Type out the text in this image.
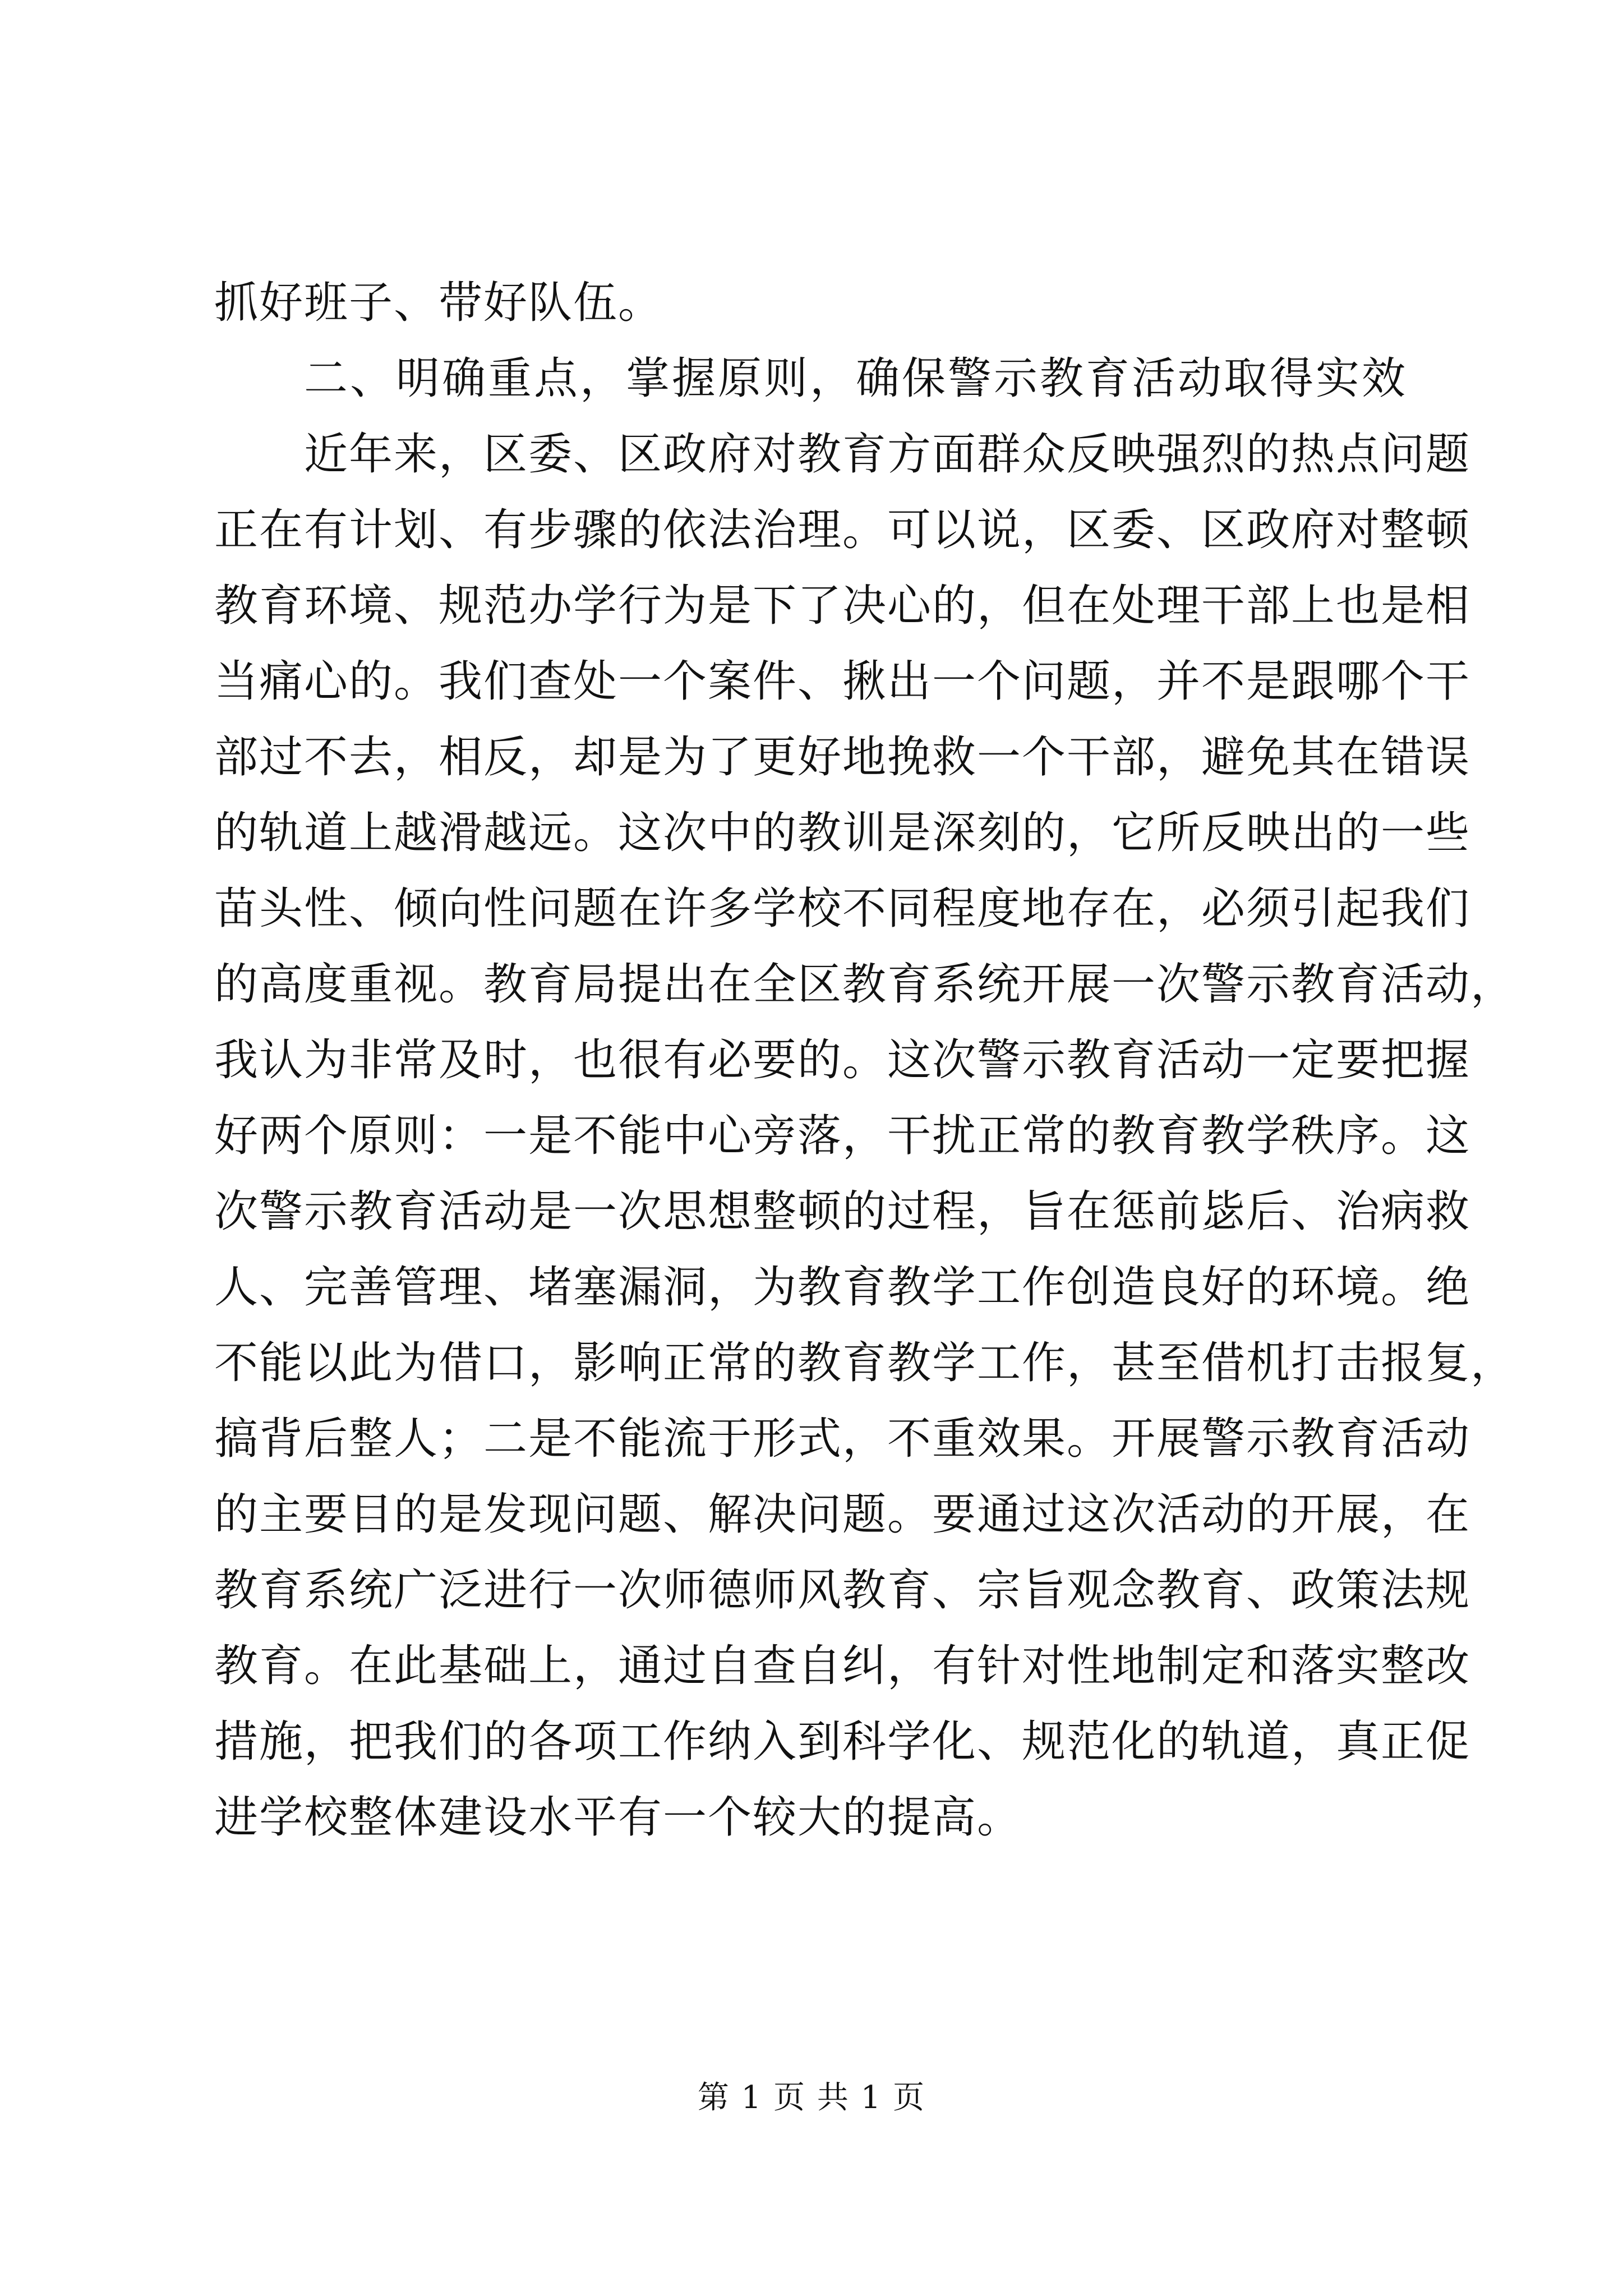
抓好班子、带好队伍。
二、明确重点，掌握原则，确保警示教育活动取得实效
近年来，区委、区政府对教育方面群众反映强烈的热点问题
正在有计划、有步骤的依法治理。可以说，区委、区政府对整顿
教育环境、规范办学行为是下了决心的，但在处理干部上也是相
当痛心的。我们查处一个案件、揪出一个问题，并不是跟哪个干
部过不去，相反，却是为了更好地挽救一个干部，避免其在错误
的轨道上越滑越远。这次中的教训是深刻的，它所反映出的一些
苗头性、倾向性问题在许多学校不同程度地存在，必须引起我们
的高度重视。教育局提出在全区教育系统开展一次警示教育活动，
我认为非常及时，也很有必要的。这次警示教育活动一定要把握
好两个原则：一是不能中心旁落，干扰正常的教育教学秩序。这
次警示教育活动是一次思想整顿的过程，旨在惩前毖后、治病救
人、完善管理、堵塞漏洞，为教育教学工作创造良好的环境。绝
不能以此为借口，影响正常的教育教学工作，甚至借机打击报复，
搞背后整人；二是不能流于形式，不重效果。开展警示教育活动
的主要目的是发现问题、解决问题。要通过这次活动的开展，在
教育系统广泛进行一次师德师风教育、宗旨观念教育、政策法规
教育。在此基础上，通过自查自纠，有针对性地制定和落实整改
措施，把我们的各项工作纳入到科学化、规范化的轨道，真正促
进学校整体建设水平有一个较大的提高。
第 1 页 共 1 页
